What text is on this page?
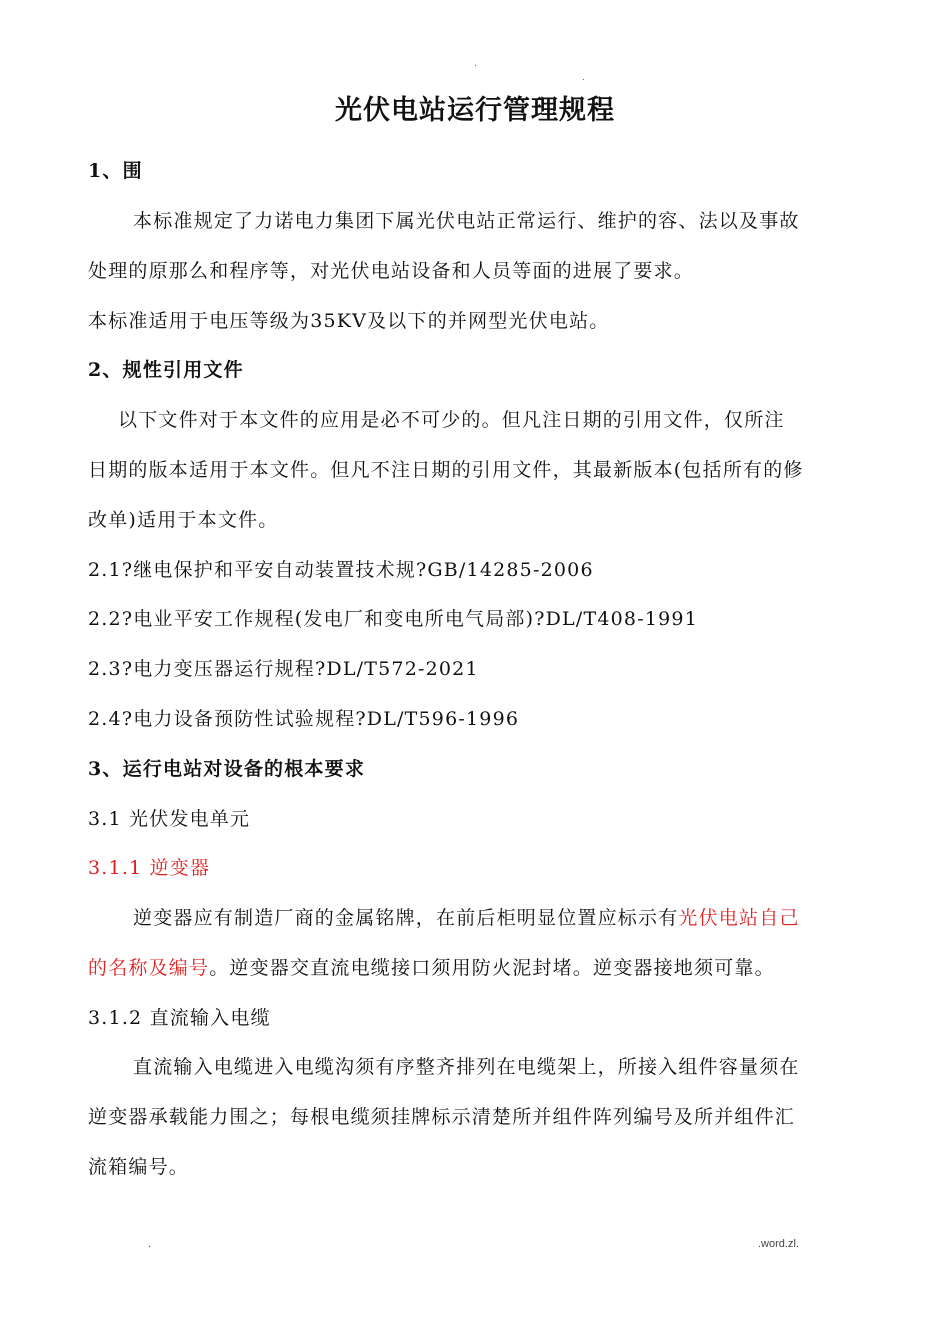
.
.
光伏电站运行管理规程

1、围

本标准规定了力诺电力集团下属光伏电站正常运行、维护的容、法以及事故

处理的原那么和程序等，对光伏电站设备和人员等面的进展了要求。

本标准适用于电压等级为35KV及以下的并网型光伏电站。

2、规性引用文件

以下文件对于本文件的应用是必不可少的。但凡注日期的引用文件，仅所注

日期的版本适用于本文件。但凡不注日期的引用文件，其最新版本(包括所有的修

改单)适用于本文件。

2.1?继电保护和平安自动装置技术规?GB/14285-2006

2.2?电业平安工作规程(发电厂和变电所电气局部)?DL/T408-1991

2.3?电力变压器运行规程?DL/T572-2021

2.4?电力设备预防性试验规程?DL/T596-1996

3、运行电站对设备的根本要求

3.1 光伏发电单元

3.1.1 逆变器

逆变器应有制造厂商的金属铭牌，在前后柜明显位置应标示有光伏电站自己

的名称及编号。逆变器交直流电缆接口须用防火泥封堵。逆变器接地须可靠。

3.1.2 直流输入电缆

直流输入电缆进入电缆沟须有序整齐排列在电缆架上，所接入组件容量须在

逆变器承载能力围之；每根电缆须挂牌标示清楚所并组件阵列编号及所并组件汇

流箱编号。

.	.word.zl.
